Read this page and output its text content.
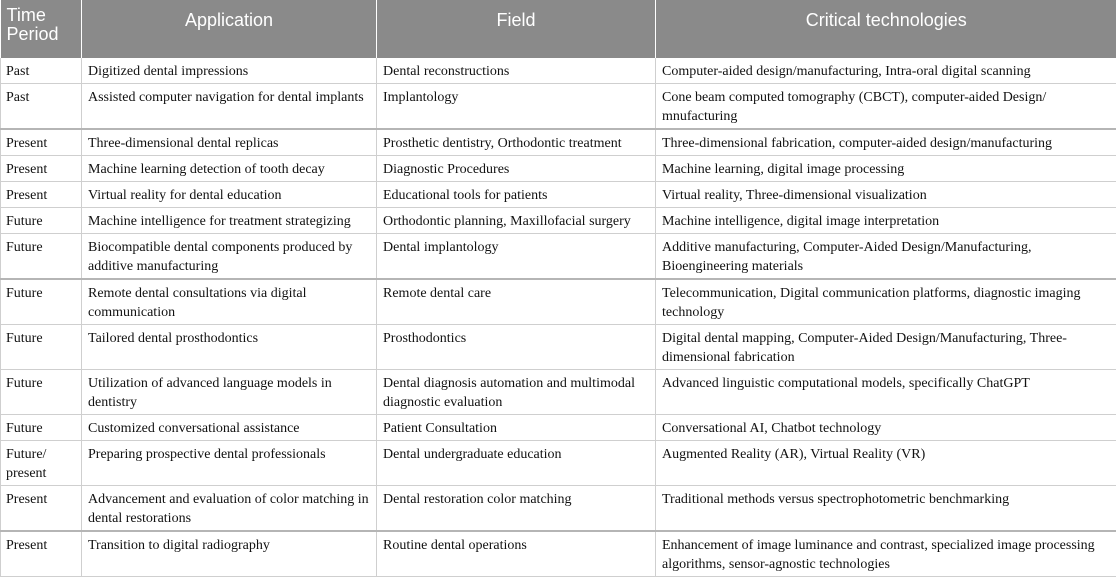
Time Period	Application	Field	Critical technologies
Past	Digitized dental impressions	Dental reconstructions	Computer-aided design/manufacturing, Intra-oral digital scanning
Past	Assisted computer navigation for dental implants	Implantology	Cone beam computed tomography (CBCT), computer-aided Design/ mnufacturing
Present	Three-dimensional dental replicas	Prosthetic dentistry, Orthodontic treatment	Three-dimensional fabrication, computer-aided design/manufacturing
Present	Machine learning detection of tooth decay	Diagnostic Procedures	Machine learning, digital image processing
Present	Virtual reality for dental education	Educational tools for patients	Virtual reality, Three-dimensional visualization
Future	Machine intelligence for treatment strategizing	Orthodontic planning, Maxillofacial surgery	Machine intelligence, digital image interpretation
Future	Biocompatible dental components produced by additive manufacturing	Dental implantology	Additive manufacturing, Computer-Aided Design/Manufacturing, Bioengineering materials
Future	Remote dental consultations via digital communication	Remote dental care	Telecommunication, Digital communication platforms, diagnostic imaging technology
Future	Tailored dental prosthodontics	Prosthodontics	Digital dental mapping, Computer-Aided Design/Manufacturing, Three-dimensional fabrication
Future	Utilization of advanced language models in dentistry	Dental diagnosis automation and multimodal diagnostic evaluation	Advanced linguistic computational models, specifically ChatGPT
Future	Customized conversational assistance	Patient Consultation	Conversational AI, Chatbot technology
Future/ present	Preparing prospective dental professionals	Dental undergraduate education	Augmented Reality (AR), Virtual Reality (VR)
Present	Advancement and evaluation of color matching in dental restorations	Dental restoration color matching	Traditional methods versus spectrophotometric benchmarking
Present	Transition to digital radiography	Routine dental operations	Enhancement of image luminance and contrast, specialized image processing algorithms, sensor-agnostic technologies
